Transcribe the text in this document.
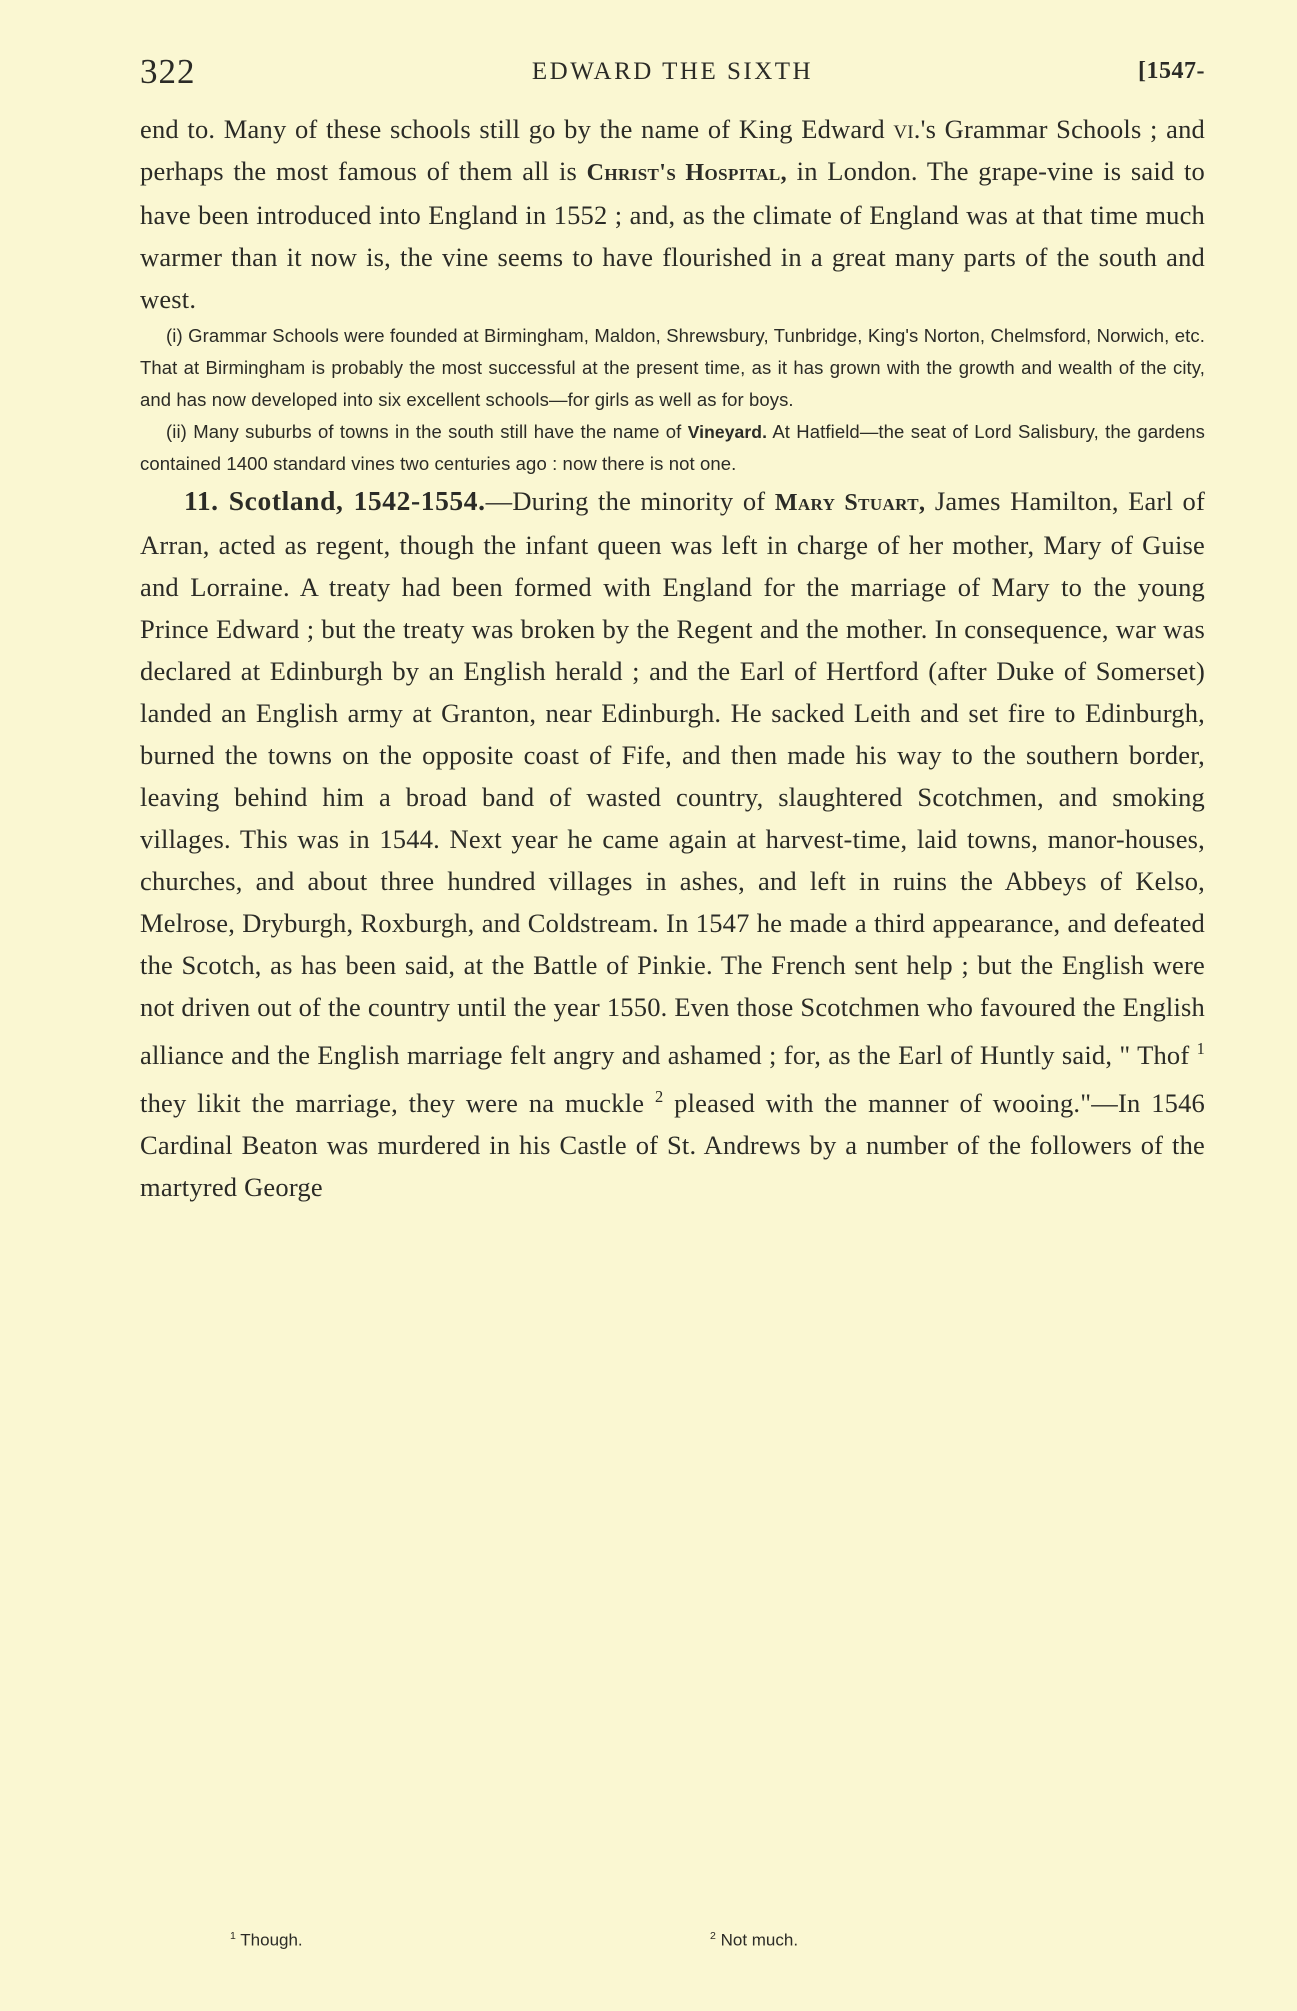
322	EDWARD THE SIXTH	[1547-

end to. Many of these schools still go by the name of King Edward vi.'s Grammar Schools ; and perhaps the most famous of them all is Christ's Hospital, in London. The grape-vine is said to have been introduced into England in 1552 ; and, as the climate of England was at that time much warmer than it now is, the vine seems to have flourished in a great many parts of the south and west.

(i) Grammar Schools were founded at Birmingham, Maldon, Shrewsbury, Tunbridge, King's Norton, Chelmsford, Norwich, etc. That at Birmingham is probably the most successful at the present time, as it has grown with the growth and wealth of the city, and has now developed into six excellent schools—for girls as well as for boys.

(ii) Many suburbs of towns in the south still have the name of Vineyard. At Hatfield—the seat of Lord Salisbury, the gardens contained 1400 standard vines two centuries ago : now there is not one.

11. Scotland, 1542-1554.—During the minority of Mary Stuart, James Hamilton, Earl of Arran, acted as regent, though the infant queen was left in charge of her mother, Mary of Guise and Lorraine. A treaty had been formed with England for the marriage of Mary to the young Prince Edward ; but the treaty was broken by the Regent and the mother. In consequence, war was declared at Edinburgh by an English herald ; and the Earl of Hertford (after Duke of Somerset) landed an English army at Granton, near Edinburgh. He sacked Leith and set fire to Edinburgh, burned the towns on the opposite coast of Fife, and then made his way to the southern border, leaving behind him a broad band of wasted country, slaughtered Scotchmen, and smoking villages. This was in 1544. Next year he came again at harvest-time, laid towns, manor-houses, churches, and about three hundred villages in ashes, and left in ruins the Abbeys of Kelso, Melrose, Dryburgh, Roxburgh, and Coldstream. In 1547 he made a third appearance, and defeated the Scotch, as has been said, at the Battle of Pinkie. The French sent help ; but the English were not driven out of the country until the year 1550. Even those Scotchmen who favoured the English alliance and the English marriage felt angry and ashamed ; for, as the Earl of Huntly said, " Thof $^1$ they likit the marriage, they were na muckle $^2$ pleased with the manner of wooing."—In 1546 Cardinal Beaton was murdered in his Castle of St. Andrews by a number of the followers of the martyred George

$^1$ Though.	$^2$ Not much.
